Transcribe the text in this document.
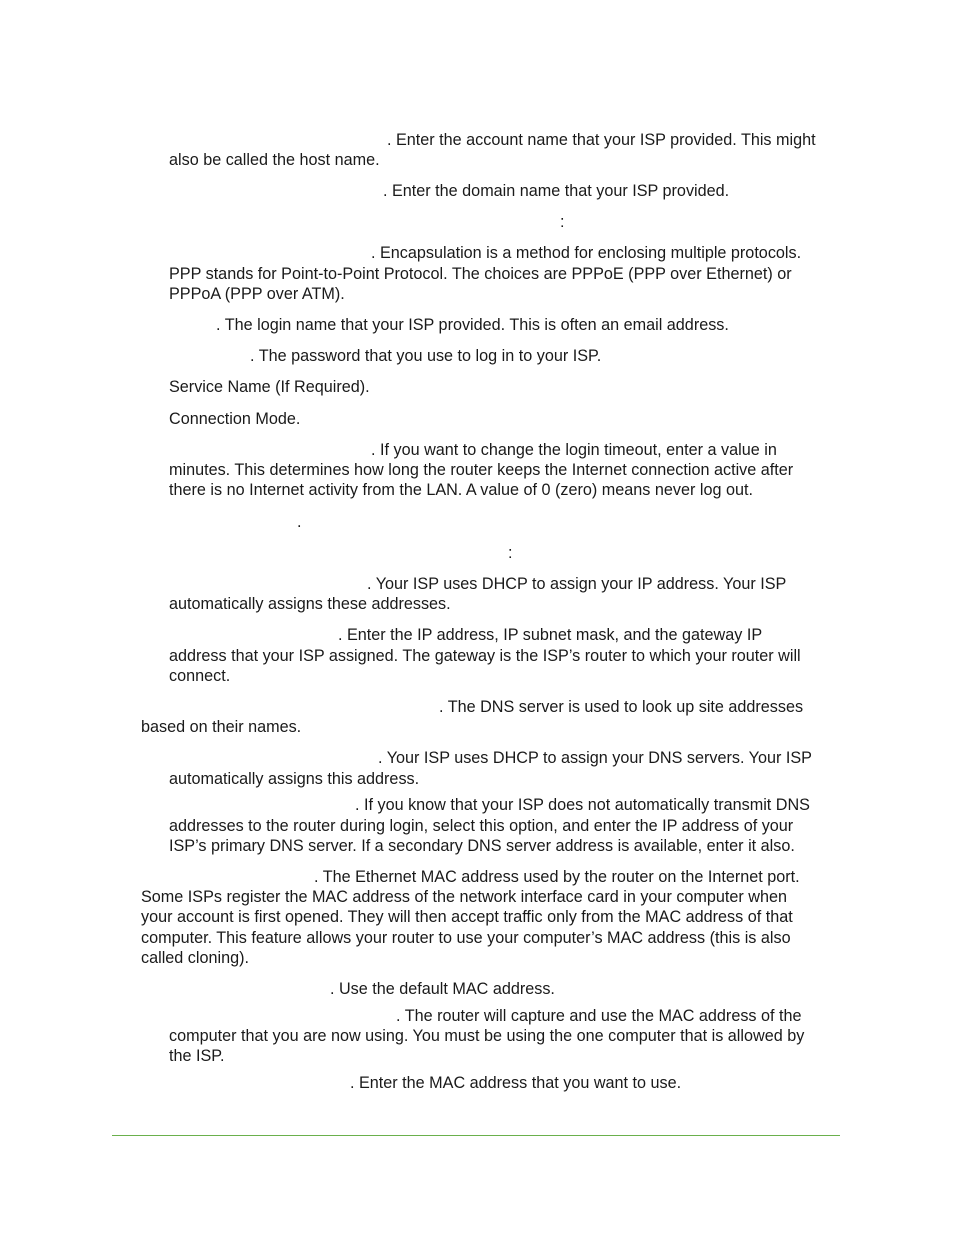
. Enter the account name that your ISP provided. This might
also be called the host name.
. Enter the domain name that your ISP provided.
:
. Encapsulation is a method for enclosing multiple protocols.
PPP stands for Point-to-Point Protocol. The choices are PPPoE (PPP over Ethernet) or
PPPoA (PPP over ATM).
. The login name that your ISP provided. This is often an email address.
. The password that you use to log in to your ISP.
Service Name (If Required).
Connection Mode.
. If you want to change the login timeout, enter a value in
minutes. This determines how long the router keeps the Internet connection active after
there is no Internet activity from the LAN. A value of 0 (zero) means never log out.
.
:
. Your ISP uses DHCP to assign your IP address. Your ISP
automatically assigns these addresses.
. Enter the IP address, IP subnet mask, and the gateway IP
address that your ISP assigned. The gateway is the ISP’s router to which your router will
connect.
. The DNS server is used to look up site addresses
based on their names.
. Your ISP uses DHCP to assign your DNS servers. Your ISP
automatically assigns this address.
. If you know that your ISP does not automatically transmit DNS
addresses to the router during login, select this option, and enter the IP address of your
ISP’s primary DNS server. If a secondary DNS server address is available, enter it also.
. The Ethernet MAC address used by the router on the Internet port.
Some ISPs register the MAC address of the network interface card in your computer when
your account is first opened. They will then accept traffic only from the MAC address of that
computer. This feature allows your router to use your computer’s MAC address (this is also
called cloning).
. Use the default MAC address.
. The router will capture and use the MAC address of the
computer that you are now using. You must be using the one computer that is allowed by
the ISP.
. Enter the MAC address that you want to use.
